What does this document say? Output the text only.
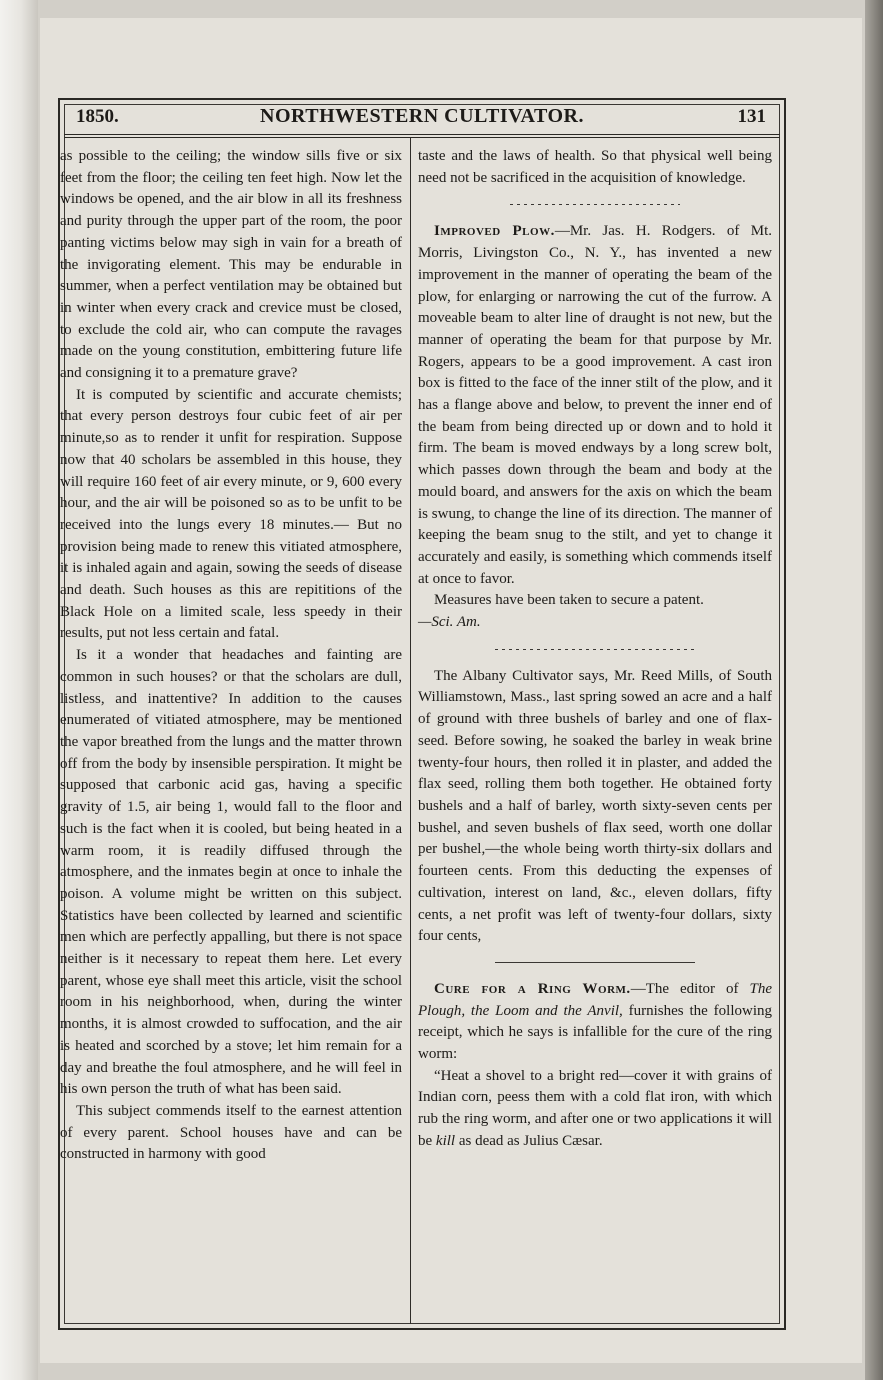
1850.	NORTHWESTERN CULTIVATOR.	131

as possible to the ceiling; the window sills five or six feet from the floor; the ceiling ten feet high. Now let the windows be opened, and the air blow in all its freshness and purity through the upper part of the room, the poor panting victims below may sigh in vain for a breath of the invigorating element. This may be endurable in summer, when a perfect ventilation may be obtained but in winter when every crack and crevice must be closed, to exclude the cold air, who can compute the ravages made on the young constitution, embittering future life and consigning it to a premature grave?

It is computed by scientific and accurate chemists; that every person destroys four cubic feet of air per minute,so as to render it unfit for respiration. Suppose now that 40 scholars be assembled in this house, they will require 160 feet of air every minute, or 9, 600 every hour, and the air will be poisoned so as to be unfit to be received into the lungs every 18 minutes.— But no provision being made to renew this vitiated atmosphere, it is inhaled again and again, sowing the seeds of disease and death. Such houses as this are repititions of the Black Hole on a limited scale, less speedy in their results, put not less certain and fatal.

Is it a wonder that headaches and fainting are common in such houses? or that the scholars are dull, listless, and inattentive? In addition to the causes enumerated of vitiated atmosphere, may be mentioned the vapor breathed from the lungs and the matter thrown off from the body by insensible perspiration. It might be supposed that carbonic acid gas, having a specific gravity of 1.5, air being 1, would fall to the floor and such is the fact when it is cooled, but being heated in a warm room, it is readily diffused through the atmosphere, and the inmates begin at once to inhale the poison. A volume might be written on this subject. Statistics have been collected by learned and scientific men which are perfectly appalling, but there is not space neither is it necessary to repeat them here. Let every parent, whose eye shall meet this article, visit the school room in his neighborhood, when, during the winter months, it is almost crowded to suffocation, and the air is heated and scorched by a stove; let him remain for a day and breathe the foul atmosphere, and he will feel in his own person the truth of what has been said.

This subject commends itself to the earnest attention of every parent. School houses have and can be constructed in harmony with good

taste and the laws of health. So that physical well being need not be sacrificed in the acquisition of knowledge.

Improved Plow.—Mr. Jas. H. Rodgers. of Mt. Morris, Livingston Co., N. Y., has invented a new improvement in the manner of operating the beam of the plow, for enlarging or narrowing the cut of the furrow. A moveable beam to alter line of draught is not new, but the manner of operating the beam for that purpose by Mr. Rogers, appears to be a good improvement. A cast iron box is fitted to the face of the inner stilt of the plow, and it has a flange above and below, to prevent the inner end of the beam from being directed up or down and to hold it firm. The beam is moved endways by a long screw bolt, which passes down through the beam and body at the mould board, and answers for the axis on which the beam is swung, to change the line of its direction. The manner of keeping the beam snug to the stilt, and yet to change it accurately and easily, is something which commends itself at once to favor.

Measures have been taken to secure a patent.

—Sci. Am.

The Albany Cultivator says, Mr. Reed Mills, of South Williamstown, Mass., last spring sowed an acre and a half of ground with three bushels of barley and one of flax-seed. Before sowing, he soaked the barley in weak brine twenty-four hours, then rolled it in plaster, and added the flax seed, rolling them both together. He obtained forty bushels and a half of barley, worth sixty-seven cents per bushel, and seven bushels of flax seed, worth one dollar per bushel,—the whole being worth thirty-six dollars and fourteen cents. From this deducting the expenses of cultivation, interest on land, &c., eleven dollars, fifty cents, a net profit was left of twenty-four dollars, sixty four cents,

Cure for a Ring Worm.—The editor of The Plough, the Loom and the Anvil, furnishes the following receipt, which he says is infallible for the cure of the ring worm:

“Heat a shovel to a bright red—cover it with grains of Indian corn, peess them with a cold flat iron, with which rub the ring worm, and after one or two applications it will be kill as dead as Julius Cæsar.
